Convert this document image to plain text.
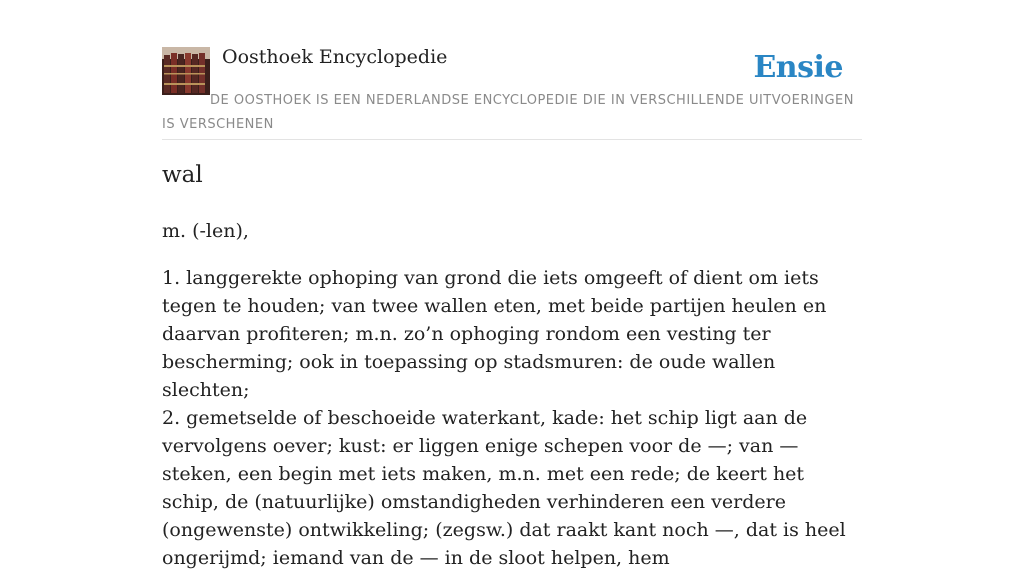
Oosthoek Encyclopedie	Ensie
DE OOSTHOEK IS EEN NEDERLANDSE ENCYCLOPEDIE DIE IN VERSCHILLENDE UITVOERINGEN IS VERSCHENEN
wal

m. (-len),

1. langgerekte ophoping van grond die iets omgeeft of dient om iets tegen te houden; van twee wallen eten, met beide partijen heulen en daarvan profiteren; m.n. zo’n ophoging rondom een vesting ter bescherming; ook in toepassing op stadsmuren: de oude wallen slechten;

2. gemetselde of beschoeide waterkant, kade: het schip ligt aan de vervolgens oever; kust: er liggen enige schepen voor de —; van — steken, een begin met iets maken, m.n. met een rede; de keert het schip, de (natuurlijke) omstandigheden verhinderen een verdere (ongewenste) ontwikkeling; (zegsw.) dat raakt kant noch —, dat is heel ongerijmd; iemand van de — in de sloot helpen, hem
